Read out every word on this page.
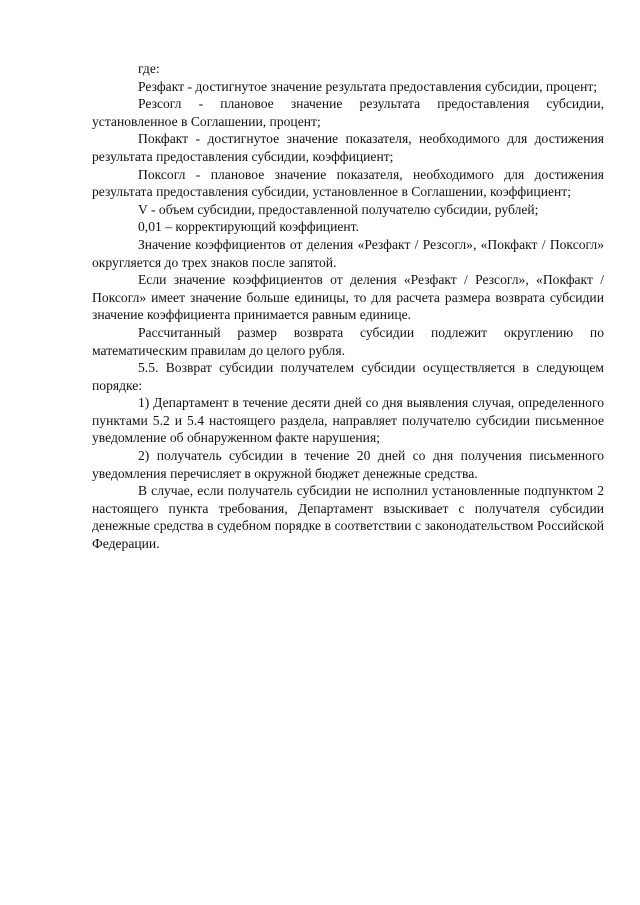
где:

Резфакт - достигнутое значение результата предоставления субсидии, процент;

Резсогл - плановое значение результата предоставления субсидии, установленное в Соглашении, процент;

Покфакт - достигнутое значение показателя, необходимого для достижения результата предоставления субсидии, коэффициент;

Поксогл - плановое значение показателя, необходимого для достижения результата предоставления субсидии, установленное в Соглашении, коэффициент;

V - объем субсидии, предоставленной получателю субсидии, рублей;

0,01 – корректирующий коэффициент.

Значение коэффициентов от деления «Резфакт / Резсогл», «Покфакт / Поксогл» округляется до трех знаков после запятой.

Если значение коэффициентов от деления «Резфакт / Резсогл», «Покфакт / Поксогл» имеет значение больше единицы, то для расчета размера возврата субсидии значение коэффициента принимается равным единице.

Рассчитанный размер возврата субсидии подлежит округлению по математическим правилам до целого рубля.

5.5. Возврат субсидии получателем субсидии осуществляется в следующем порядке:

1) Департамент в течение десяти дней со дня выявления случая, определенного пунктами 5.2 и 5.4 настоящего раздела, направляет получателю субсидии письменное уведомление об обнаруженном факте нарушения;

2) получатель субсидии в течение 20 дней со дня получения письменного уведомления перечисляет в окружной бюджет денежные средства.

В случае, если получатель субсидии не исполнил установленные подпунктом 2 настоящего пункта требования, Департамент взыскивает с получателя субсидии денежные средства в судебном порядке в соответствии с законодательством Российской Федерации.
